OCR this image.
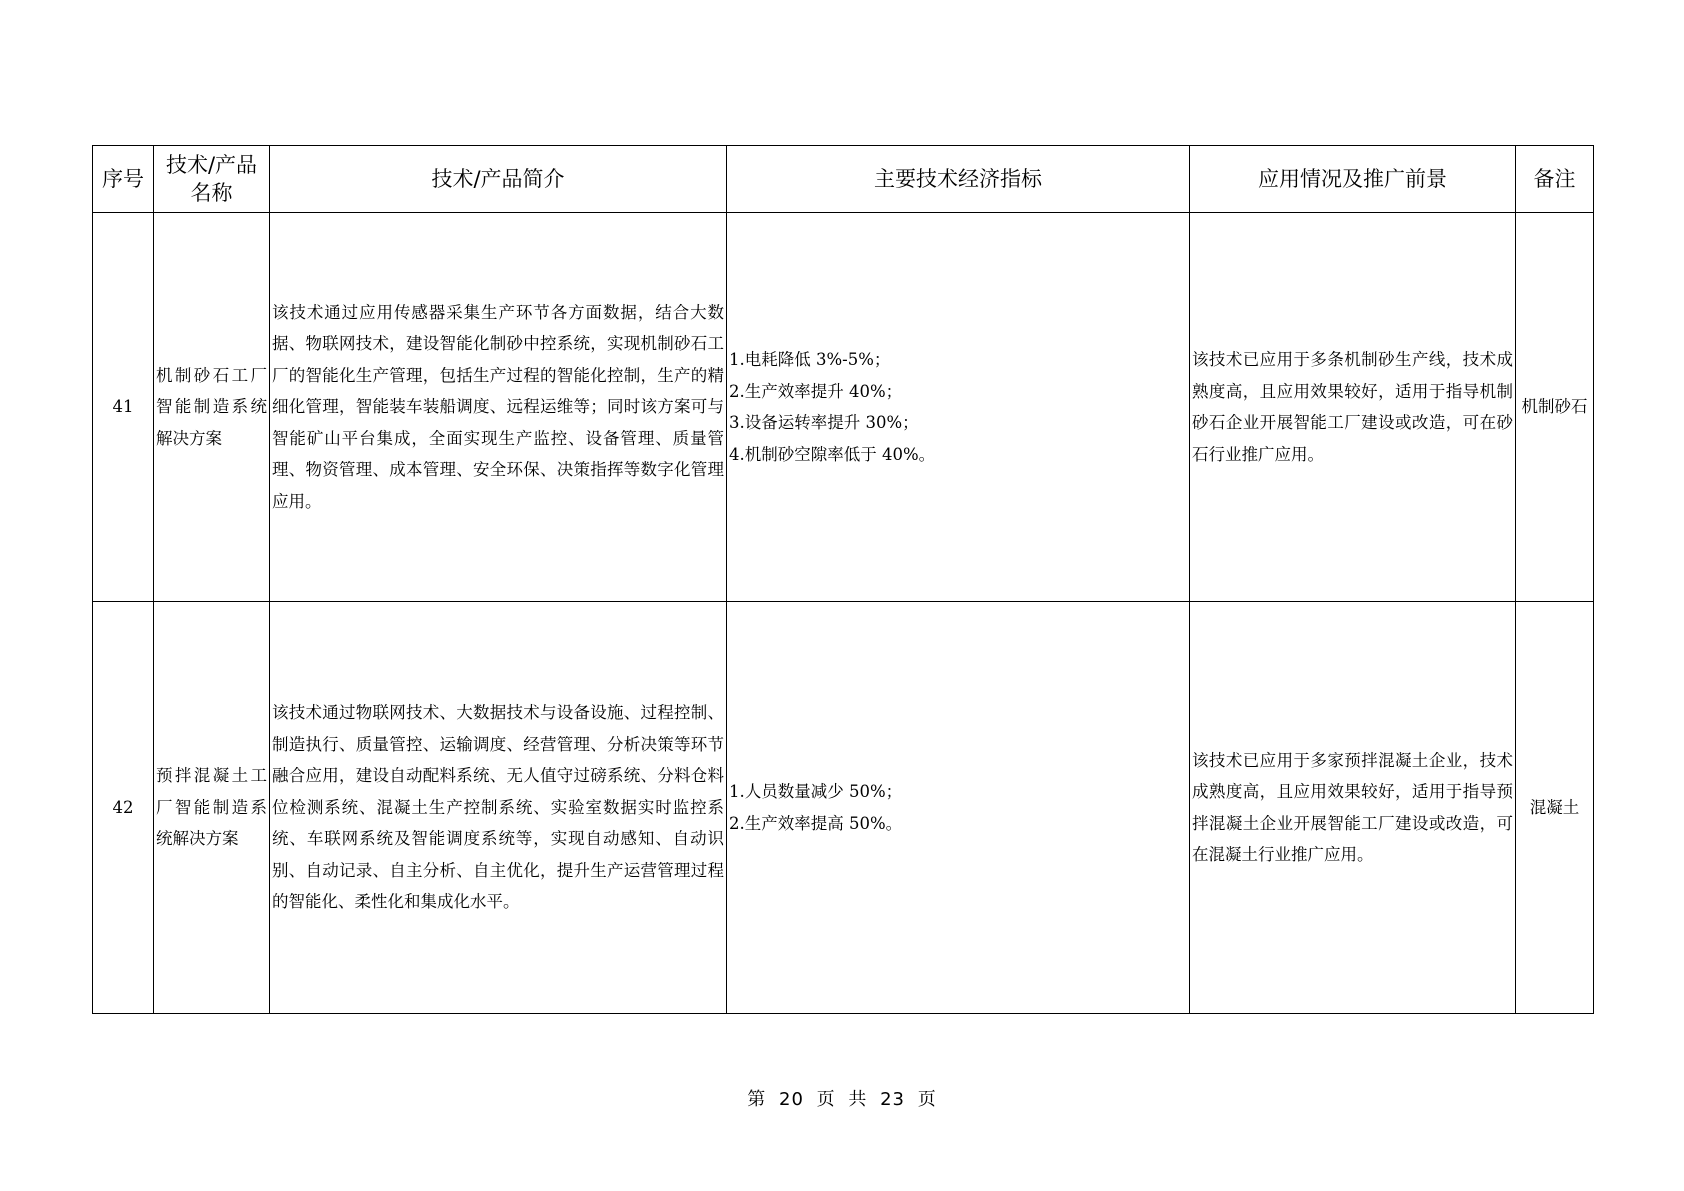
序号	技术/产品名称	技术/产品简介	主要技术经济指标	应用情况及推广前景	备注
41	机制砂石工厂智能制造系统解决方案	该技术通过应用传感器采集生产环节各方面数据，结合大数据、物联网技术，建设智能化制砂中控系统，实现机制砂石工厂的智能化生产管理，包括生产过程的智能化控制，生产的精细化管理，智能装车装船调度、远程运维等；同时该方案可与智能矿山平台集成，全面实现生产监控、设备管理、质量管理、物资管理、成本管理、安全环保、决策指挥等数字化管理应用。	1.电耗降低 3%-5%；
2.生产效率提升 40%；
3.设备运转率提升 30%；
4.机制砂空隙率低于 40%。	该技术已应用于多条机制砂生产线，技术成熟度高，且应用效果较好，适用于指导机制砂石企业开展智能工厂建设或改造，可在砂石行业推广应用。	机制砂石
42	预拌混凝土工厂智能制造系统解决方案	该技术通过物联网技术、大数据技术与设备设施、过程控制、制造执行、质量管控、运输调度、经营管理、分析决策等环节融合应用，建设自动配料系统、无人值守过磅系统、分料仓料位检测系统、混凝土生产控制系统、实验室数据实时监控系统、车联网系统及智能调度系统等，实现自动感知、自动识别、自动记录、自主分析、自主优化，提升生产运营管理过程的智能化、柔性化和集成化水平。	1.人员数量减少 50%；
2.生产效率提高 50%。	该技术已应用于多家预拌混凝土企业，技术成熟度高，且应用效果较好，适用于指导预拌混凝土企业开展智能工厂建设或改造，可在混凝土行业推广应用。	混凝土
第 20 页 共 23 页
